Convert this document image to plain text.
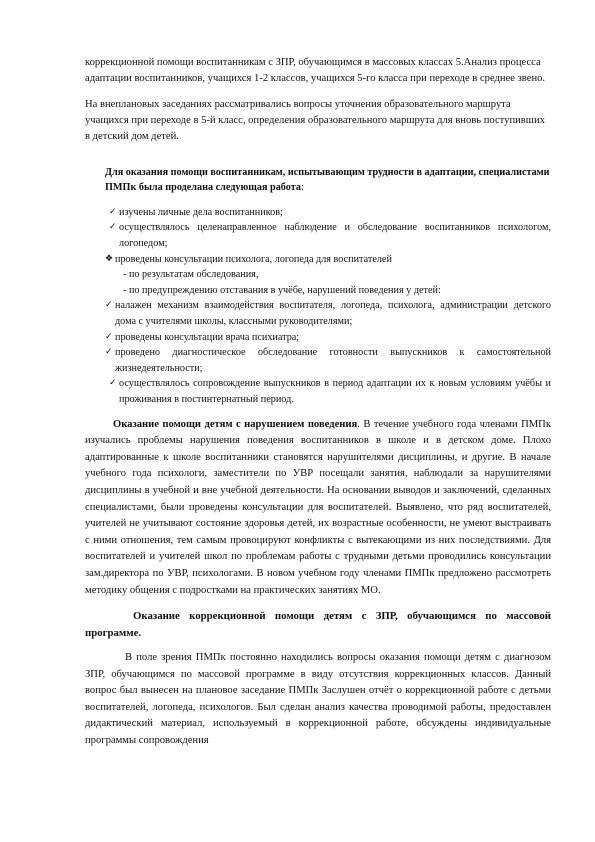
коррекционной помощи воспитанникам с ЗПР, обучающимся в массовых классах 5.Анализ процесса адаптации воспитанников, учащихся 1-2 классов, учащихся 5-го класса при переходе в среднее звено.

На внеплановых заседаниях рассматривались вопросы уточнения образовательного маршрута учащихся при переходе в 5-й класс, определения образовательного маршрута для вновь поступивших в детский дом детей.

Для оказания помощи воспитанникам, испытывающим трудности в адаптации, специалистами ПМПк была проделана следующая работа:

✓ изучены личные дела воспитанников;
✓ осуществлялось целенаправленное наблюдение и обследование воспитанников психологом, логопедом;
❖ проведены консультации психолога, логопеда для воспитателей
- по результатам обследования,
- по предупреждению отставания в учёбе, нарушений поведения у детей:
✓ налажен механизм взаимодействия воспитателя, логопеда, психолога, администрации детского дома с учителями школы, классными руководителями;
✓ проведены консультации врача психиатра;
✓ проведено диагностическое обследование готовности выпускников к самостоятельной жизнедеятельности;
✓ осуществлялось сопровождение выпускников в период адаптации их к новым условиям учёбы и проживания в постинтернатный период.

Оказание помощи детям с нарушением поведения. В течение учебного года членами ПМПк изучались проблемы нарушения поведения воспитанников в школе и в детском доме. Плохо адаптированные к школе воспитанники становятся нарушителями дисциплины, и другие. В начале учебного года психологи, заместители по УВР посещали занятия, наблюдали за нарушителями дисциплины в учебной и вне учебной деятельности. На основании выводов и заключений, сделанных специалистами, были проведены консультации для воспитателей. Выявлено, что ряд воспитателей, учителей не учитывают состояние здоровья детей, их возрастные особенности, не умеют выстраивать с ними отношения, тем самым провоцируют конфликты с вытекающими из них последствиями. Для воспитателей и учителей школ по проблемам работы с трудными детьми проводились консультации зам.директора по УВР, психологами. В новом учебном году членами ПМПк предложено рассмотреть методику общения с подростками на практических занятиях МО.

Оказание коррекционной помощи детям с ЗПР, обучающимся по массовой программе.

В поле зрения ПМПк постоянно находились вопросы оказания помощи детям с диагнозом ЗПР, обучающимся по массовой программе в виду отсутствия коррекционных классов. Данный вопрос был вынесен на плановое заседание ПМПк Заслушен отчёт о коррекционной работе с детьми воспитателей, логопеда, психологов. Был сделан анализ качества проводимой работы, предоставлен дидактический материал, используемый в коррекционной работе, обсуждены индивидуальные программы сопровождения
